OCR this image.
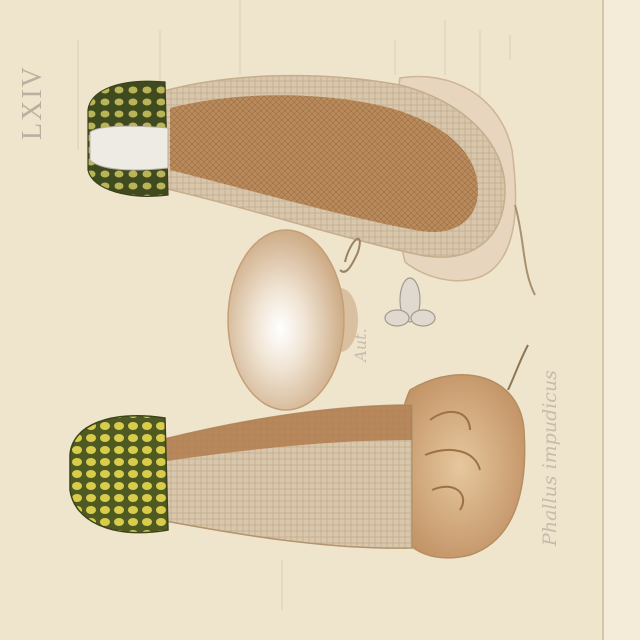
LXIV
Phallus impudicus
Aut.
